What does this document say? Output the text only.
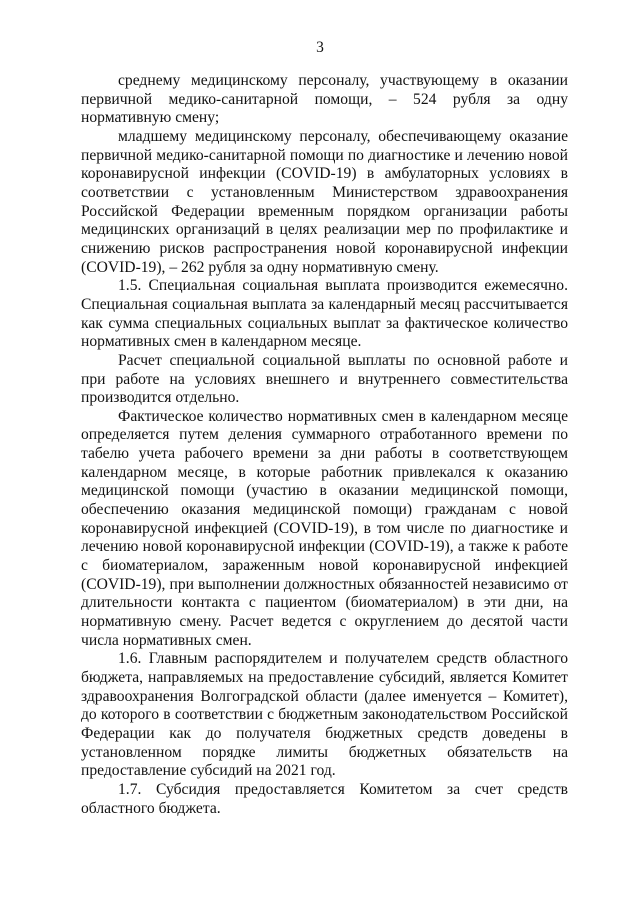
3

среднему медицинскому персоналу, участвующему в оказании первичной медико-санитарной помощи, – 524 рубля за одну нормативную смену;

младшему медицинскому персоналу, обеспечивающему оказание первичной медико-санитарной помощи по диагностике и лечению новой коронавирусной инфекции (COVID-19) в амбулаторных условиях в соответствии с установленным Министерством здравоохранения Российской Федерации временным порядком организации работы медицинских организаций в целях реализации мер по профилактике и снижению рисков распространения новой коронавирусной инфекции (COVID-19), – 262 рубля за одну нормативную смену.

1.5. Специальная социальная выплата производится ежемесячно. Специальная социальная выплата за календарный месяц рассчитывается как сумма специальных социальных выплат за фактическое количество нормативных смен в календарном месяце.

Расчет специальной социальной выплаты по основной работе и при работе на условиях внешнего и внутреннего совместительства производится отдельно.

Фактическое количество нормативных смен в календарном месяце определяется путем деления суммарного отработанного времени по табелю учета рабочего времени за дни работы в соответствующем календарном месяце, в которые работник привлекался к оказанию медицинской помощи (участию в оказании медицинской помощи, обеспечению оказания медицинской помощи) гражданам с новой коронавирусной инфекцией (COVID-19), в том числе по диагностике и лечению новой коронавирусной инфекции (COVID-19), а также к работе с биоматериалом, зараженным новой коронавирусной инфекцией (COVID-19), при выполнении должностных обязанностей независимо от длительности контакта с пациентом (биоматериалом) в эти дни, на нормативную смену. Расчет ведется с округлением до десятой части числа нормативных смен.

1.6. Главным распорядителем и получателем средств областного бюджета, направляемых на предоставление субсидий, является Комитет здравоохранения Волгоградской области (далее именуется – Комитет), до которого в соответствии с бюджетным законодательством Российской Федерации как до получателя бюджетных средств доведены в установленном порядке лимиты бюджетных обязательств на предоставление субсидий на 2021 год.

1.7. Субсидия предоставляется Комитетом за счет средств областного бюджета.
